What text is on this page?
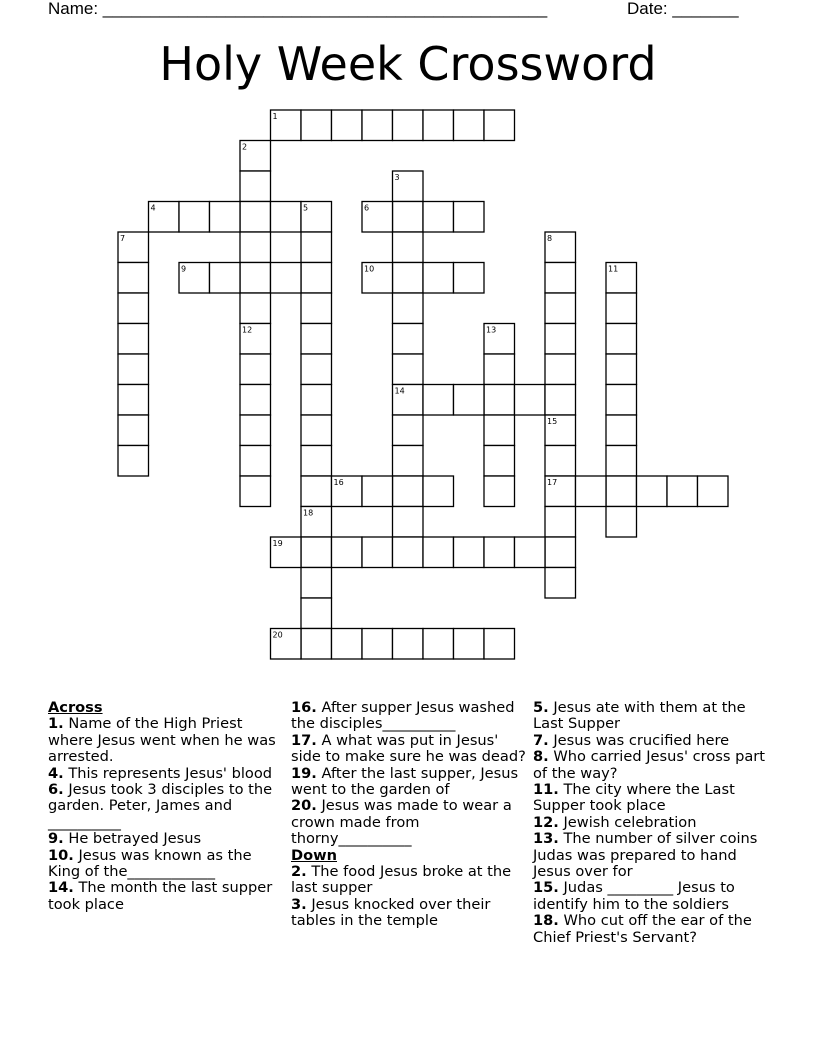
Name: _______________________________________________	Date: _______
Holy Week Crossword
1
2
3
4	5	6
7	8
9	10	11
12	13
14
15
16	17
18
19
20
Across
1. Name of the High Priest where Jesus went when he was arrested.
4. This represents Jesus' blood
6. Jesus took 3 disciples to the garden. Peter, James and __________
9. He betrayed Jesus
10. Jesus was known as the King of the____________
14. The month the last supper took place
16. After supper Jesus washed the disciples__________
17. A what was put in Jesus' side to make sure he was dead?
19. After the last supper, Jesus went to the garden of
20. Jesus was made to wear a crown made from thorny__________
Down
2. The food Jesus broke at the last supper
3. Jesus knocked over their tables in the temple
5. Jesus ate with them at the Last Supper
7. Jesus was crucified here
8. Who carried Jesus' cross part of the way?
11. The city where the Last Supper took place
12. Jewish celebration
13. The number of silver coins Judas was prepared to hand Jesus over for
15. Judas _________ Jesus to identify him to the soldiers
18. Who cut off the ear of the Chief Priest's Servant?
